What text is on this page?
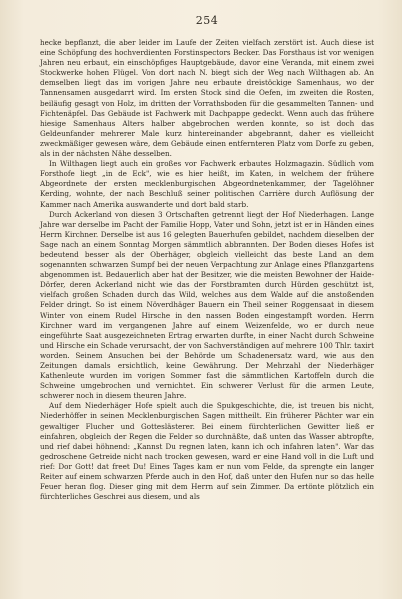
254

hecke bepflanzt, die aber leider im Laufe der Zeiten vielfach zerstört ist. Auch diese ist eine Schöpfung des hochverdienten Forstinspectors Becker. Das Forsthaus ist vor wenigen Jahren neu erbaut, ein einschöpfiges Hauptgebäude, davor eine Veranda, mit einem zwei Stockwerke hohen Flügel. Von dort nach N. biegt sich der Weg nach Wilthagen ab. An demselben liegt das im vorigen Jahre neu erbaute dreistöckige Samenhaus, wo der Tannensamen ausgedarrt wird. Im ersten Stock sind die Oefen, im zweiten die Rosten, beiläufig gesagt von Holz, im dritten der Vorrathsboden für die gesammelten Tannen- und Fichtenäpfel. Das Gebäude ist Fachwerk mit Dachpappe gedeckt. Wenn auch das frühere hiesige Samenhaus Alters halber abgebrochen werden konnte, so ist doch das Geldeunfander mehrerer Male kurz hintereinander abgebrannt, daher es vielleicht zweckmäßiger gewesen wäre, dem Gebäude einen entfernteren Platz vom Dorfe zu geben, als in der nächsten Nähe desselben.

In Wilthagen liegt auch ein großes vor Fachwerk erbautes Holzmagazin. Südlich vom Forsthofe liegt „in de Eck", wie es hier heißt, im Katen, in welchem der frühere Abgeordnete der ersten mecklenburgischen Abgeordnetenkammer, der Tagelöhner Kerding, wohnte, der nach Beschluß seiner politischen Carrière durch Auflösung der Kammer nach Amerika auswanderte und dort bald starb.

Durch Ackerland von diesen 3 Ortschaften getrennt liegt der Hof Niederhagen. Lange Jahre war derselbe im Pacht der Familie Hopp, Vater und Sohn, jetzt ist er in Händen eines Herrn Kirchner. Derselbe ist aus 16 gelegten Bauerhufen gebildet, nachdem dieselben der Sage nach an einem Sonntag Morgen sämmtlich abbrannten. Der Boden dieses Hofes ist bedeutend besser als der Oberhäger, obgleich vielleicht das beste Land an dem sogenannten schwarzen Sumpf bei der neuen Verpachtung zur Anlage eines Pflanzgartens abgenommen ist. Bedauerlich aber hat der Besitzer, wie die meisten Bewohner der Haide-Dörfer, deren Ackerland nicht wie das der Forstbramten durch Hürden geschützt ist, vielfach großen Schaden durch das Wild, welches aus dem Walde auf die anstoßenden Felder dringt. So ist einem Növerdhäger Bauern ein Theil seiner Roggensaat in diesem Winter von einem Rudel Hirsche in den nassen Boden eingestampft worden. Herrn Kirchner ward im vergangenen Jahre auf einem Weizenfelde, wo er durch neue eingeführte Saat ausgezeichneten Ertrag erwarten durfte, in einer Nacht durch Schweine und Hirsche ein Schade verursacht, der von Sachverständigen auf mehrere 100 Thlr. taxirt worden. Seinem Ansuchen bei der Behörde um Schadenersatz ward, wie aus den Zeitungen damals ersichtlich, keine Gewährung. Der Mehrzahl der Niederhäger Kathenleute wurden im vorigen Sommer fast die sämmtlichen Kartoffeln durch die Schweine umgebrochen und vernichtet. Ein schwerer Verlust für die armen Leute, schwerer noch in diesem theuren Jahre.

Auf dem Niederhäger Hofe spielt auch die Spukgeschichte, die, ist treuen bis nicht, Niederhöffer in seinen Mecklenburgischen Sagen mittheilt. Ein früherer Pächter war ein gewaltiger Flucher und Gotteslästerer. Bei einem fürchterlichen Gewitter ließ er einfahren, obgleich der Regen die Felder so durchnäßte, daß unten das Wasser abtropfte, und rief dabei höhnend: „Kannst Du regnen laten, kann ich och infahren laten". War das gedroschene Getreide nicht nach trocken gewesen, ward er eine Hand voll in die Luft und rief: Dor Gott! dat freet Du! Eines Tages kam er nun vom Felde, da sprengte ein langer Reiter auf einem schwarzen Pferde auch in den Hof, daß unter den Hufen nur so das helle Feuer heran flog. Dieser ging mit dem Herrn auf sein Zimmer. Da ertönte plötzlich ein fürchterliches Geschrei aus diesem, und als
